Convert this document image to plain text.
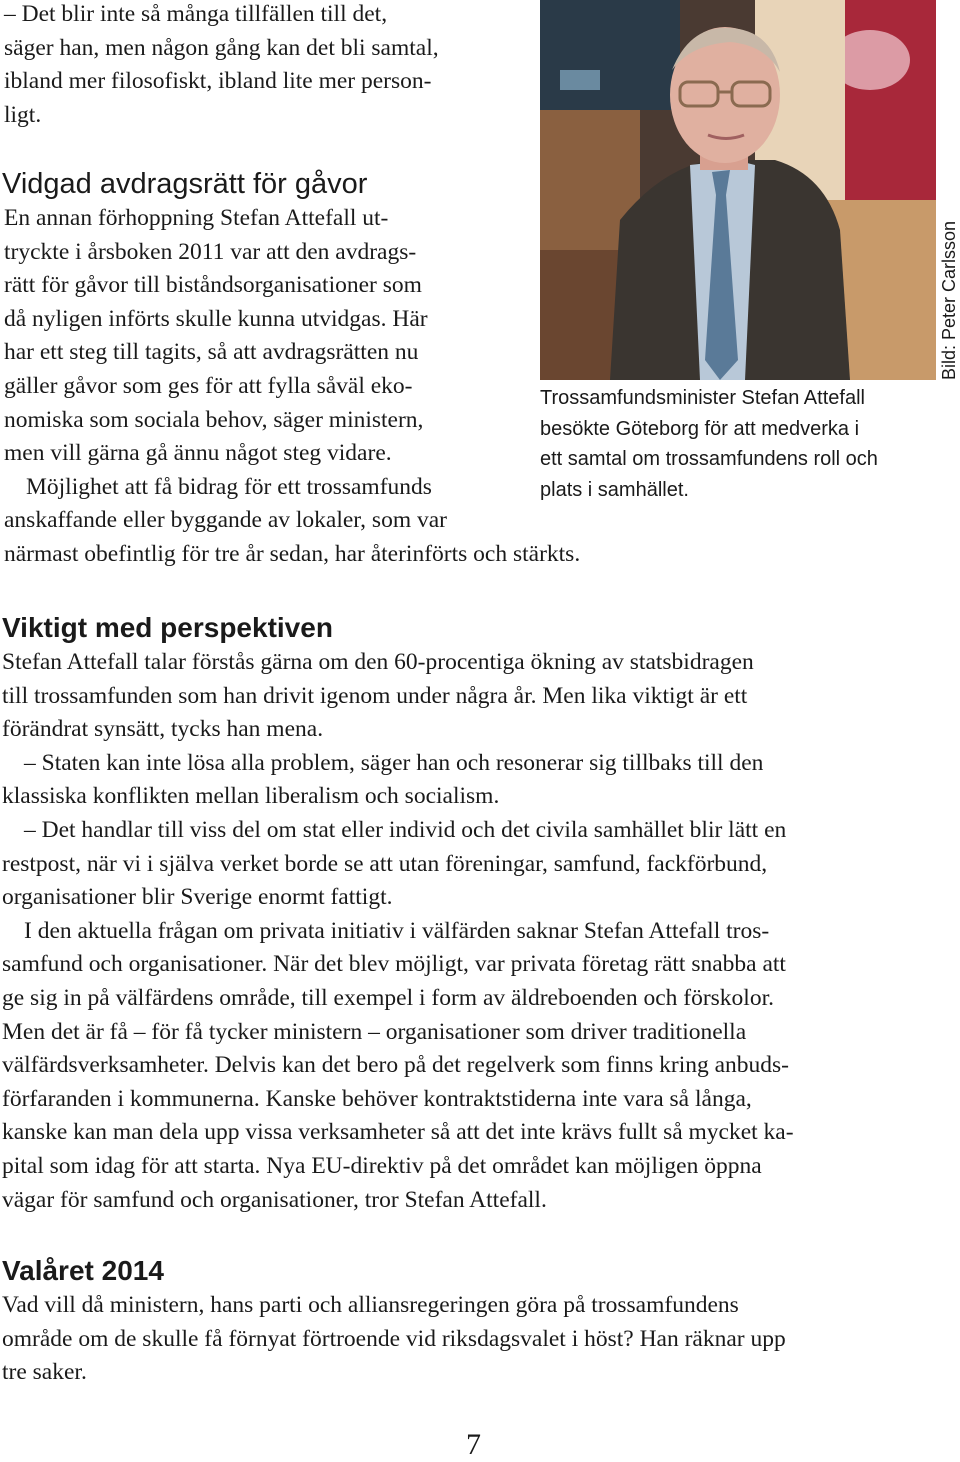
– Det blir inte så många tillfällen till det,
säger han, men någon gång kan det bli samtal,
ibland mer filosofiskt, ibland lite mer person-
ligt.
Vidgad avdragsrätt för gåvor
En annan förhoppning Stefan Attefall ut-
tryckte i årsboken 2011 var att den avdrags-
rätt för gåvor till biståndsorganisationer som
då nyligen införts skulle kunna utvidgas. Här
har ett steg till tagits, så att avdragsrätten nu
gäller gåvor som ges för att fylla såväl eko-
nomiska som sociala behov, säger ministern,
men vill gärna gå ännu något steg vidare.
Möjlighet att få bidrag för ett trossamfunds
anskaffande eller byggande av lokaler, som var
närmast obefintlig för tre år sedan, har återinförts och stärkts.
Trossamfundsminister Stefan Attefall
besökte Göteborg för att medverka i
ett samtal om trossamfundens roll och
plats i samhället.
Bild: Peter Carlsson
Viktigt med perspektiven
Stefan Attefall talar förstås gärna om den 60-procentiga ökning av statsbidragen
till trossamfunden som han drivit igenom under några år. Men lika viktigt är ett
förändrat synsätt, tycks han mena.
– Staten kan inte lösa alla problem, säger han och resonerar sig tillbaks till den
klassiska konflikten mellan liberalism och socialism.
– Det handlar till viss del om stat eller individ och det civila samhället blir lätt en
restpost, när vi i själva verket borde se att utan föreningar, samfund, fackförbund,
organisationer blir Sverige enormt fattigt.
I den aktuella frågan om privata initiativ i välfärden saknar Stefan Attefall tros-
samfund och organisationer. När det blev möjligt, var privata företag rätt snabba att
ge sig in på välfärdens område, till exempel i form av äldreboenden och förskolor.
Men det är få – för få tycker ministern – organisationer som driver traditionella
välfärdsverksamheter. Delvis kan det bero på det regelverk som finns kring anbuds-
förfaranden i kommunerna. Kanske behöver kontraktstiderna inte vara så långa,
kanske kan man dela upp vissa verksamheter så att det inte krävs fullt så mycket ka-
pital som idag för att starta. Nya EU-direktiv på det området kan möjligen öppna
vägar för samfund och organisationer, tror Stefan Attefall.
Valåret 2014
Vad vill då ministern, hans parti och alliansregeringen göra på trossamfundens
område om de skulle få förnyat förtroende vid riksdagsvalet i höst? Han räknar upp
tre saker.
7
